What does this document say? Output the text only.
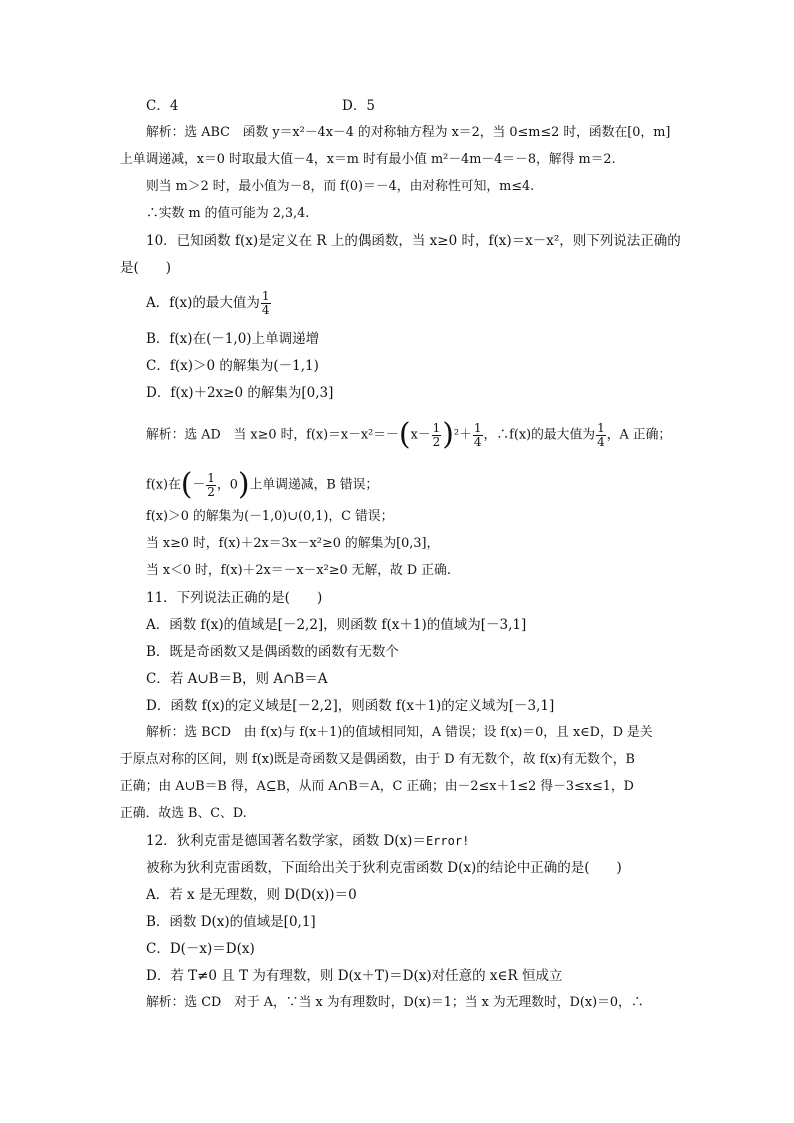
C．4	D．5
解析：选 ABC　函数 y＝x²－4x－4 的对称轴方程为 x＝2，当 0≤m≤2 时，函数在[0，m]
上单调递减，x＝0 时取最大值－4，x＝m 时有最小值 m²－4m－4＝－8，解得 m＝2.
则当 m＞2 时，最小值为－8，而 f(0)＝－4，由对称性可知，m≤4.
∴实数 m 的值可能为 2,3,4.
10．已知函数 f(x)是定义在 R 上的偶函数，当 x≥0 时，f(x)＝x－x²，则下列说法正确的
是(　　)
A．f(x)的最大值为 $\frac{1}{4}$
B．f(x)在(－1,0)上单调递增
C．f(x)＞0 的解集为(－1,1)
D．f(x)＋2x≥0 的解集为[0,3]
解析：选 AD　当 x≥0 时，$f(x)=x-x^2=-(x- \frac{1}{2} )^2+ \frac{1}{4}$ ，∴f(x)的最大值为 $\frac{1}{4}$ ，A 正确；
f(x)在(－ $\frac{1}{2}$ ，0)上单调递减，B 错误；
f(x)＞0 的解集为(－1,0)∪(0,1)，C 错误；
当 x≥0 时，f(x)＋2x＝3x－x²≥0 的解集为[0,3]，
当 x＜0 时，f(x)＋2x＝－x－x²≥0 无解，故 D 正确.
11．下列说法正确的是(　　)
A．函数 f(x)的值域是[－2,2]，则函数 f(x＋1)的值域为[－3,1]
B．既是奇函数又是偶函数的函数有无数个
C．若 A∪B＝B，则 A∩B＝A
D．函数 f(x)的定义域是[－2,2]，则函数 f(x＋1)的定义域为[－3,1]
解析：选 BCD　由 f(x)与 f(x＋1)的值域相同知，A 错误；设 f(x)＝0，且 x∈D，D 是关
于原点对称的区间，则 f(x)既是奇函数又是偶函数，由于 D 有无数个，故 f(x)有无数个，B
正确；由 A∪B＝B 得，A⊆B，从而 A∩B＝A，C 正确；由－2≤x＋1≤2 得－3≤x≤1，D
正确．故选 B、C、D.
12．狄利克雷是德国著名数学家，函数 D(x)＝Error!
被称为狄利克雷函数，下面给出关于狄利克雷函数 D(x)的结论中正确的是(　　)
A．若 x 是无理数，则 D(D(x))＝0
B．函数 D(x)的值域是[0,1]
C．D(－x)＝D(x)
D．若 T≠0 且 T 为有理数，则 D(x＋T)＝D(x)对任意的 x∈R 恒成立
解析：选 CD　对于 A，∵当 x 为有理数时，D(x)＝1；当 x 为无理数时，D(x)＝0，∴
